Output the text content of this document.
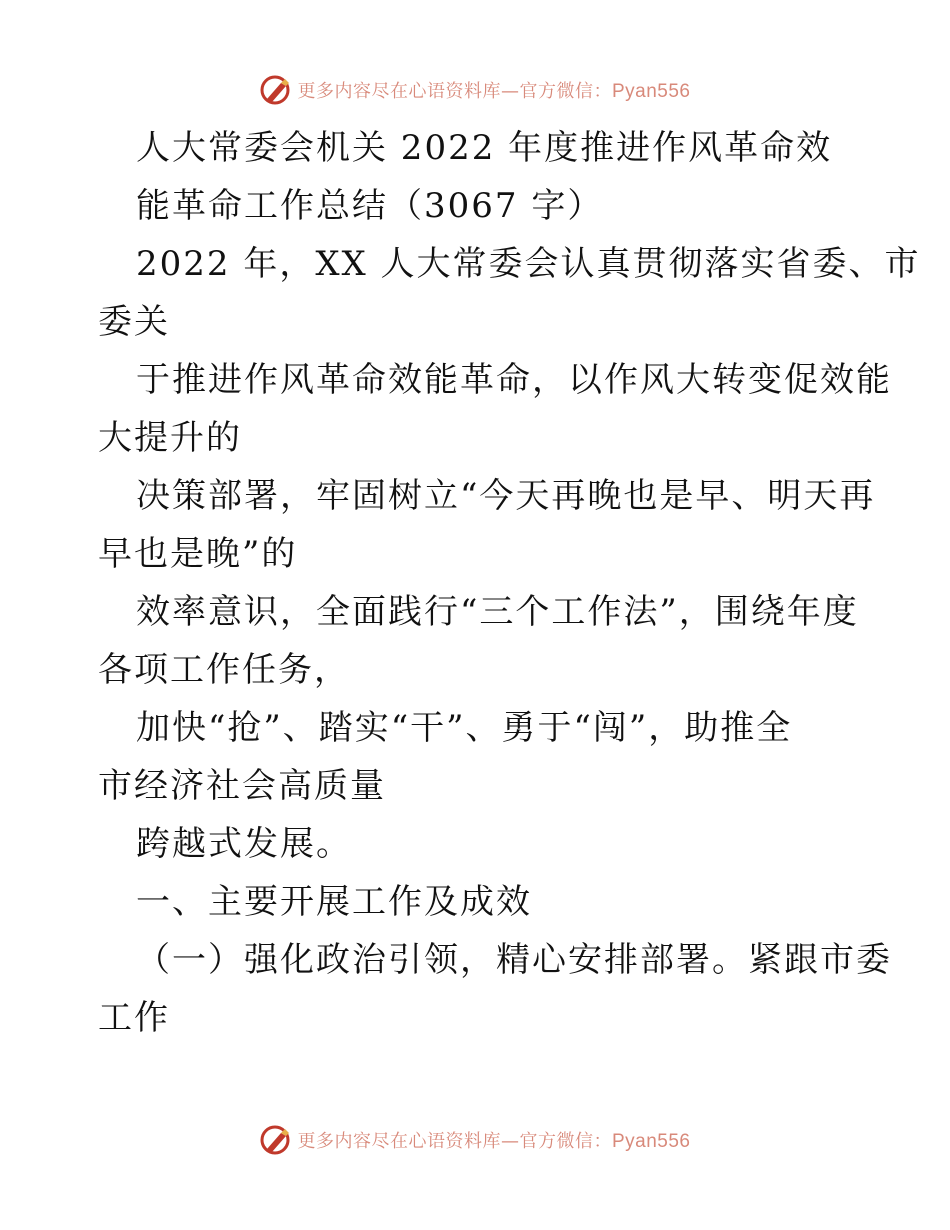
更多内容尽在心语资料库—官方微信：Pyan556
人大常委会机关 2022 年度推进作风革命效
能革命工作总结（3067 字）
2022 年，XX 人大常委会认真贯彻落实省委、市
委关
于推进作风革命效能革命，以作风大转变促效能
大提升的
决策部署，牢固树立“今天再晚也是早、明天再
早也是晚”的
效率意识，全面践行“三个工作法”，围绕年度
各项工作任务，
加快“抢”、踏实“干”、勇于“闯”，助推全
市经济社会高质量
跨越式发展。
一、主要开展工作及成效
（一）强化政治引领，精心安排部署。紧跟市委
工作
更多内容尽在心语资料库—官方微信：Pyan556
